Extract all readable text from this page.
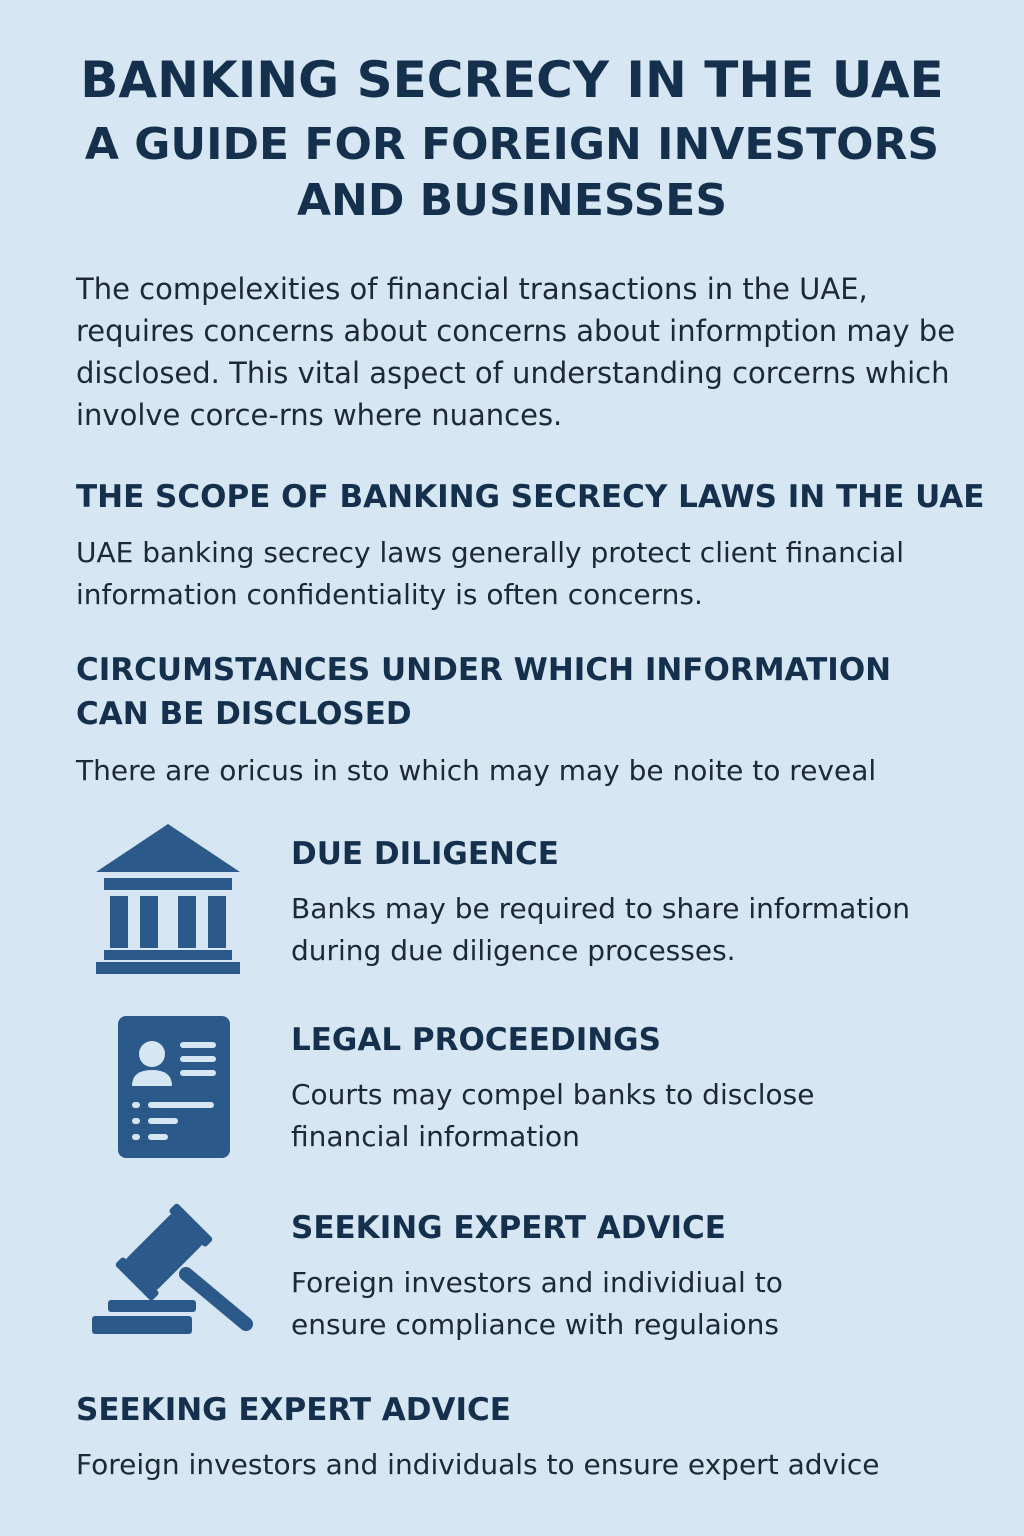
BANKING SECRECY IN THE UAE
A GUIDE FOR FOREIGN INVESTORS
AND BUSINESSES

The compelexities of financial transactions in the UAE, requires concerns about concerns about informption may be disclosed. This vital aspect of understanding corcerns which involve corce-rns where nuances.

THE SCOPE OF BANKING SECRECY LAWS IN THE UAE

UAE banking secrecy laws generally protect client financial information confidentiality is often concerns.

CIRCUMSTANCES UNDER WHICH INFORMATION
CAN BE DISCLOSED

There are oricus in sto which may may be noite to reveal

DUE DILIGENCE

Banks may be required to share information during due diligence processes.

LEGAL PROCEEDINGS

Courts may compel banks to disclose financial information

SEEKING EXPERT ADVICE

Foreign investors and individiual to ensure compliance with regulaions

SEEKING EXPERT ADVICE

Foreign investors and individuals to ensure expert advice
